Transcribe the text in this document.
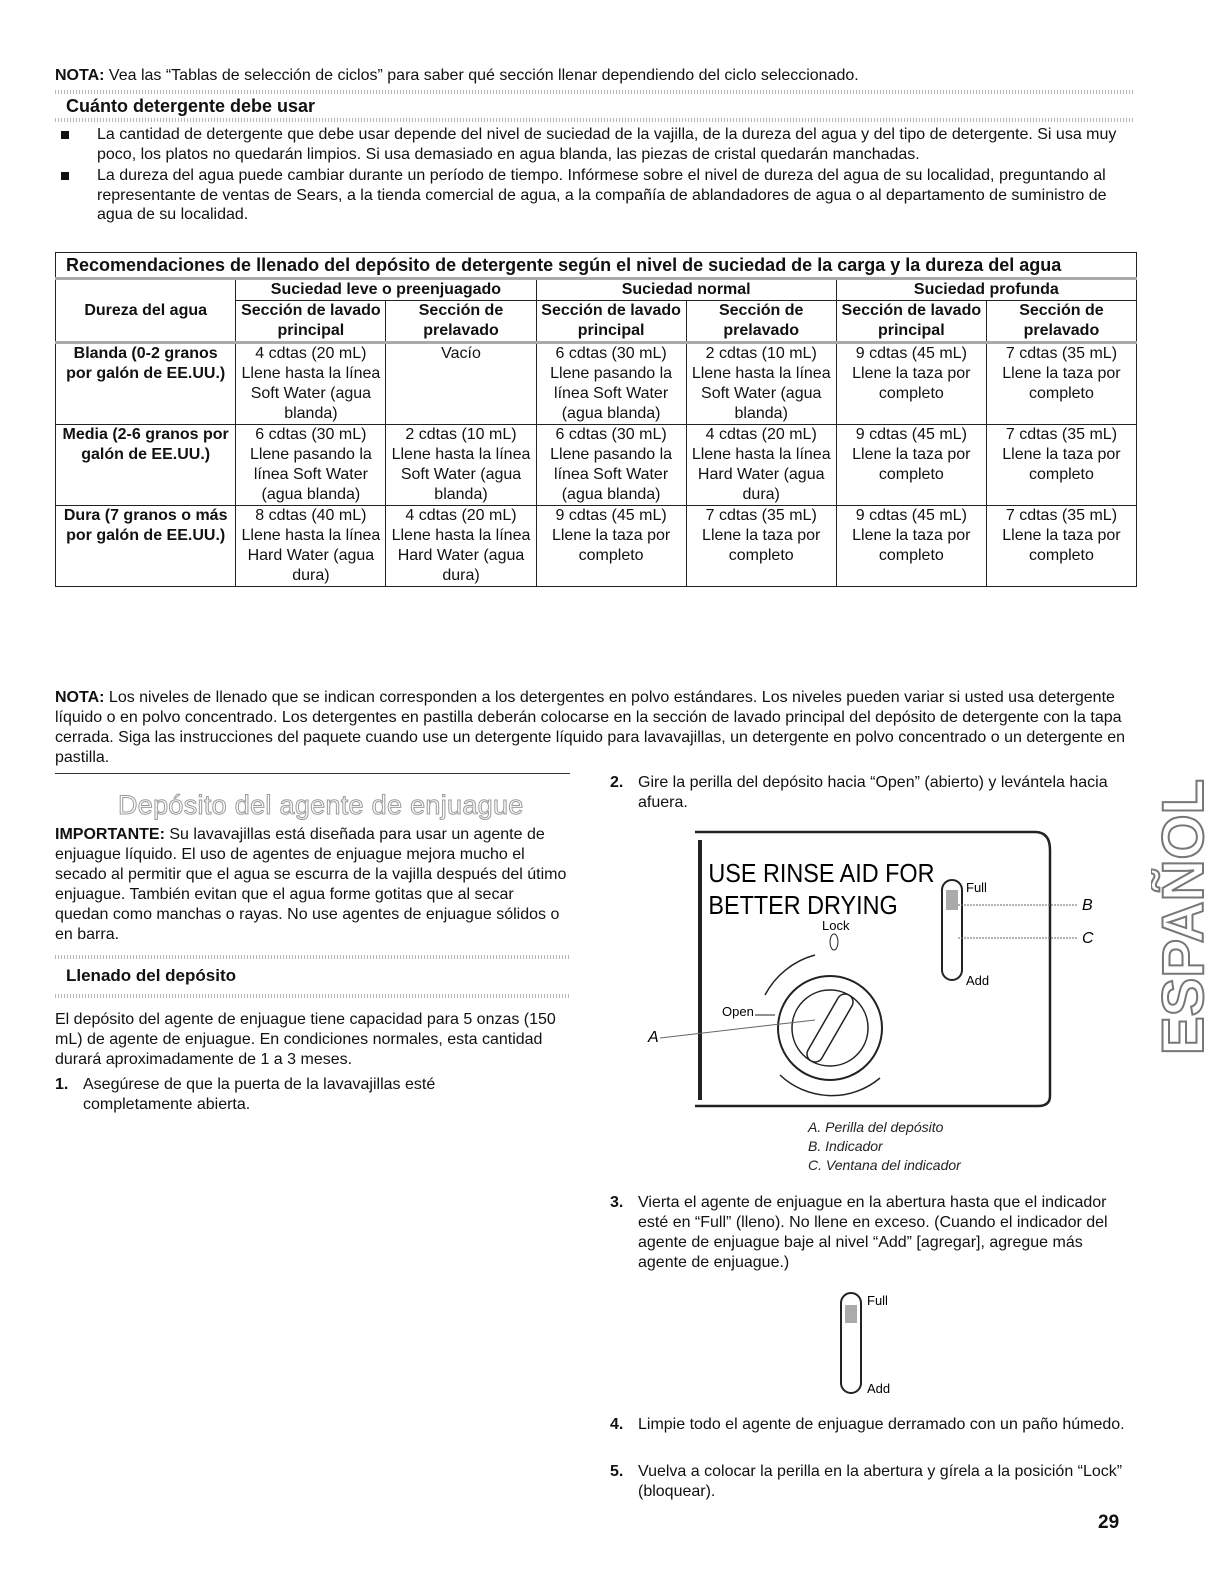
NOTA: Vea las “Tablas de selección de ciclos” para saber qué sección llenar dependiendo del ciclo seleccionado.
Cuánto detergente debe usar
La cantidad de detergente que debe usar depende del nivel de suciedad de la vajilla, de la dureza del agua y del tipo de detergente. Si usa muy poco, los platos no quedarán limpios. Si usa demasiado en agua blanda, las piezas de cristal quedarán manchadas.
La dureza del agua puede cambiar durante un período de tiempo. Infórmese sobre el nivel de dureza del agua de su localidad, preguntando al representante de ventas de Sears, a la tienda comercial de agua, a la compañía de ablandadores de agua o al departamento de suministro de agua de su localidad.
Recomendaciones de llenado del depósito de detergente según el nivel de suciedad de la carga y la dureza del agua						
Dureza del agua	Suciedad leve o preenjuagado		Suciedad normal		Suciedad profunda	
	Sección de lavado principal	Sección de prelavado	Sección de lavado principal	Sección de prelavado	Sección de lavado principal	Sección de prelavado
Blanda (0-2 granos por galón de EE.UU.)	4 cdtas (20 mL) Llene hasta la línea Soft Water (agua blanda)	Vacío	6 cdtas (30 mL) Llene pasando la línea Soft Water (agua blanda)	2 cdtas (10 mL) Llene hasta la línea Soft Water (agua blanda)	9 cdtas (45 mL) Llene la taza por completo	7 cdtas (35 mL) Llene la taza por completo
Media (2-6 granos por galón de EE.UU.)	6 cdtas (30 mL) Llene pasando la línea Soft Water (agua blanda)	2 cdtas (10 mL) Llene hasta la línea Soft Water (agua blanda)	6 cdtas (30 mL) Llene pasando la línea Soft Water (agua blanda)	4 cdtas (20 mL) Llene hasta la línea Hard Water (agua dura)	9 cdtas (45 mL) Llene la taza por completo	7 cdtas (35 mL) Llene la taza por completo
Dura (7 granos o más por galón de EE.UU.)	8 cdtas (40 mL) Llene hasta la línea Hard Water (agua dura)	4 cdtas (20 mL) Llene hasta la línea Hard Water (agua dura)	9 cdtas (45 mL) Llene la taza por completo	7 cdtas (35 mL) Llene la taza por completo	9 cdtas (45 mL) Llene la taza por completo	7 cdtas (35 mL) Llene la taza por completo
NOTA: Los niveles de llenado que se indican corresponden a los detergentes en polvo estándares. Los niveles pueden variar si usted usa detergente líquido o en polvo concentrado. Los detergentes en pastilla deberán colocarse en la sección de lavado principal del depósito de detergente con la tapa cerrada. Siga las instrucciones del paquete cuando use un detergente líquido para lavavajillas, un detergente en polvo concentrado o un detergente en pastilla.
Depósito del agente de enjuague
IMPORTANTE: Su lavavajillas está diseñada para usar un agente de enjuague líquido. El uso de agentes de enjuague mejora mucho el secado al permitir que el agua se escurra de la vajilla después del útimo enjuague. También evitan que el agua forme gotitas que al secar quedan como manchas o rayas. No use agentes de enjuague sólidos o en barra.
Llenado del depósito
El depósito del agente de enjuague tiene capacidad para 5 onzas (150 mL) de agente de enjuague. En condiciones normales, esta cantidad durará aproximadamente de 1 a 3 meses.
1. Asegúrese de que la puerta de la lavavajillas esté completamente abierta.
2. Gire la perilla del depósito hacia “Open” (abierto) y levántela hacia afuera.
USE RINSE AID FOR
BETTER DRYING
Lock
Open
Full
Add
A
B
C
A. Perilla del depósito
B. Indicador
C. Ventana del indicador
3. Vierta el agente de enjuague en la abertura hasta que el indicador esté en “Full” (lleno). No llene en exceso. (Cuando el indicador del agente de enjuague baje al nivel “Add” [agregar], agregue más agente de enjuague.)
Full
Add
4. Limpie todo el agente de enjuague derramado con un paño húmedo.
5. Vuelva a colocar la perilla en la abertura y gírela a la posición “Lock” (bloquear).
ESPAÑOL
29
